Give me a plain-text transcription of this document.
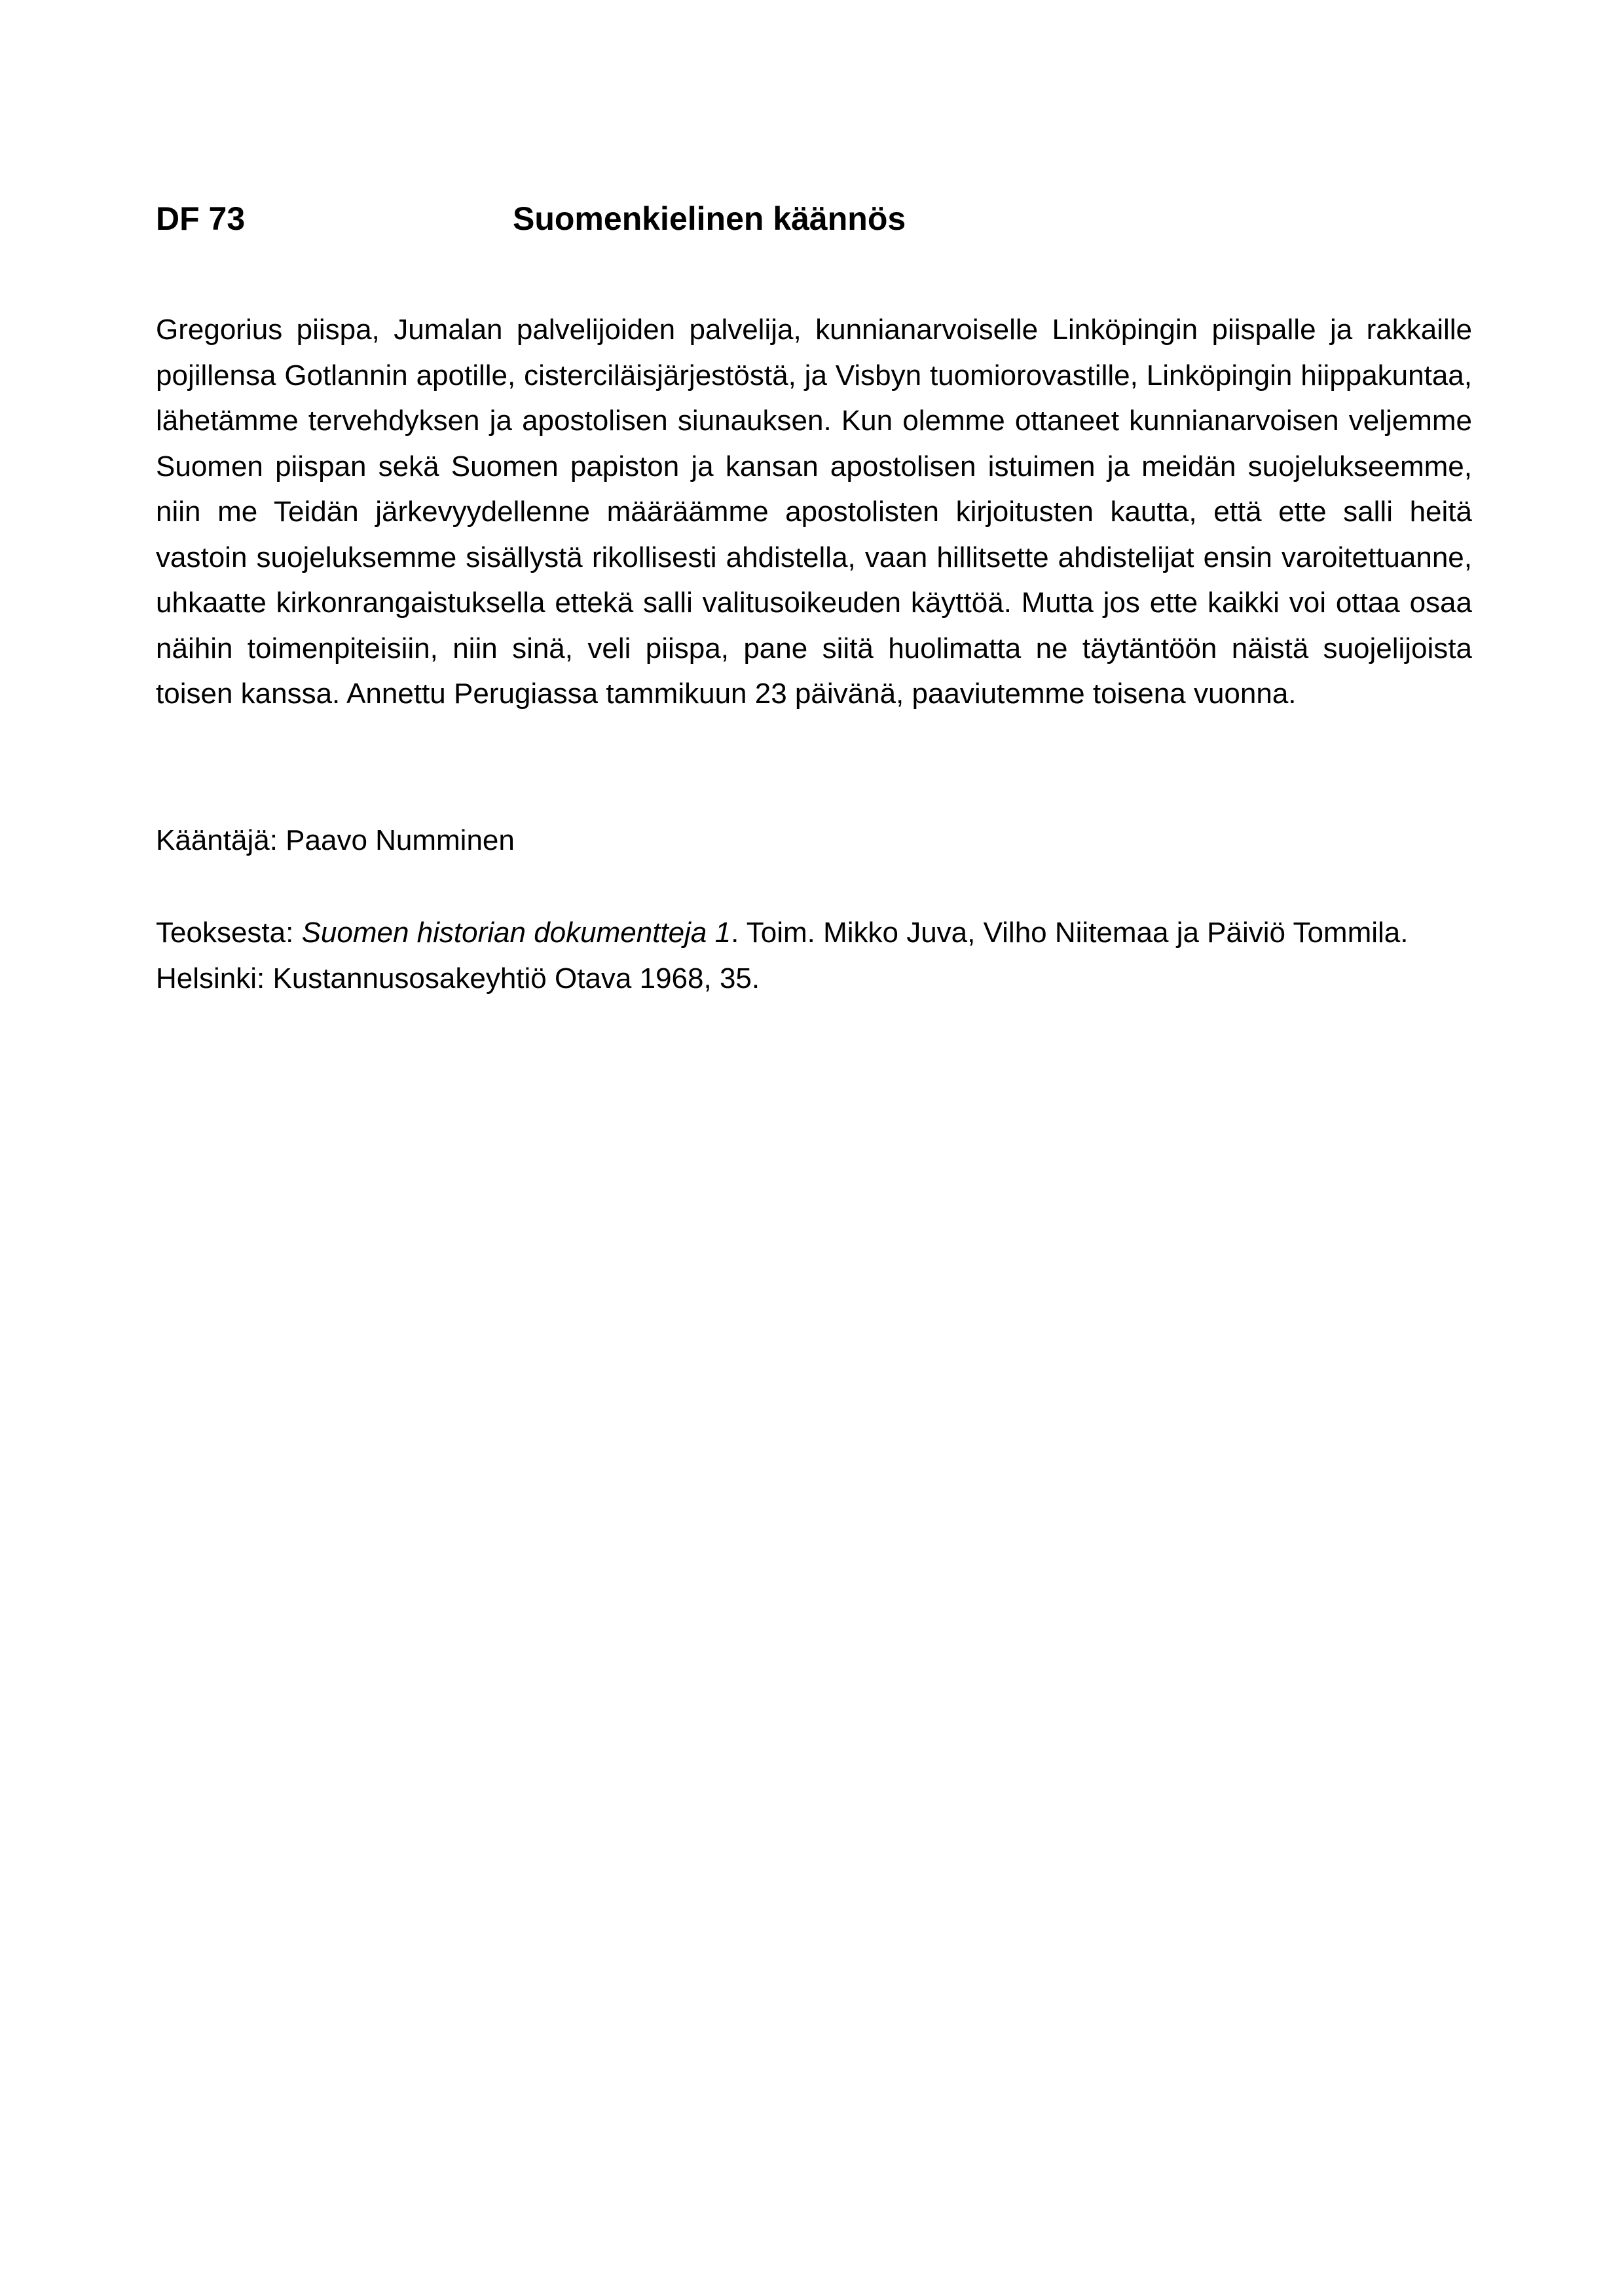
DF 73	Suomenkielinen käännös

Gregorius piispa, Jumalan palvelijoiden palvelija, kunnianarvoiselle Linköpingin piispalle ja rakkaille pojillensa Gotlannin apotille, cisterciläisjärjestöstä, ja Visbyn tuomiorovastille, Linköpingin hiippakuntaa, lähetämme tervehdyksen ja apostolisen siunauksen. Kun olemme ottaneet kunnianarvoisen veljemme Suomen piispan sekä Suomen papiston ja kansan apostolisen istuimen ja meidän suojelukseemme, niin me Teidän järkevyydellenne määräämme apostolisten kirjoitusten kautta, että ette salli heitä vastoin suojeluksemme sisällystä rikollisesti ahdistella, vaan hillitsette ahdistelijat ensin varoitettuanne, uhkaatte kirkonrangaistuksella ettekä salli valitusoikeuden käyttöä. Mutta jos ette kaikki voi ottaa osaa näihin toimenpiteisiin, niin sinä, veli piispa, pane siitä huolimatta ne täytäntöön näistä suojelijoista toisen kanssa. Annettu Perugiassa tammikuun 23 päivänä, paaviutemme toisena vuonna.

Kääntäjä: Paavo Numminen

Teoksesta: Suomen historian dokumentteja 1. Toim. Mikko Juva, Vilho Niitemaa ja Päiviö Tommila.
Helsinki: Kustannusosakeyhtiö Otava 1968, 35.
